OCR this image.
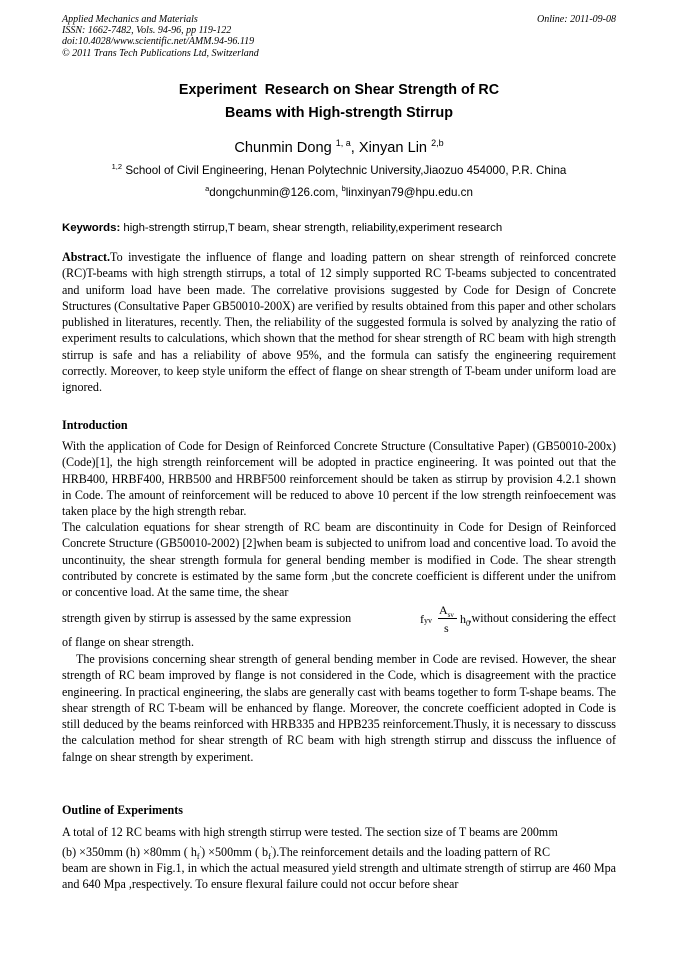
Applied Mechanics and Materials
ISSN: 1662-7482, Vols. 94-96, pp 119-122
doi:10.4028/www.scientific.net/AMM.94-96.119
© 2011 Trans Tech Publications Ltd, Switzerland
Online: 2011-09-08
Experiment  Research on Shear Strength of RC
Beams with High-strength Stirrup
Chunmin Dong $^{1, a}$, Xinyan Lin $^{2,b}$
$^{1,2}$ School of Civil Engineering, Henan Polytechnic University,Jiaozuo 454000, P.R. China
$^a$dongchunmin@126.com, $^b$linxinyan79@hpu.edu.cn
Keywords: high-strength stirrup,T beam, shear strength, reliability,experiment research
Abstract.To investigate the influence of flange and loading pattern on shear strength of reinforced concrete (RC)T-beams with high strength stirrups, a total of 12 simply supported RC T-beams subjected to concentrated and uniform load have been made. The correlative provisions suggested by Code for Design of Concrete Structures (Consultative Paper GB50010-200X) are verified by results obtained from this paper and other scholars published in literatures, recently. Then, the reliability of the suggested formula is solved by analyzing the ratio of experiment results to calculations, which shown that the method for shear strength of RC beam with high strength stirrup is safe and has a reliability of above 95%, and the formula can satisfy the engineering requirement correctly. Moreover, to keep style uniform the effect of flange on shear strength of T-beam under uniform load are ignored.
Introduction
With the application of Code for Design of Reinforced Concrete Structure (Consultative Paper) (GB50010-200x)(Code)[1], the high strength reinforcement will be adopted in practice engineering. It was pointed out that the HRB400, HRBF400, HRB500 and HRBF500 reinforcement should be taken as stirrup by provision 4.2.1 shown in Code. The amount of reinforcement will be reduced to above 10 percent if the low strength reinfoecement was taken place by the high strength rebar.
The calculation equations for shear strength of RC beam are discontinuity in Code for Design of Reinforced Concrete Structure (GB50010-2002) [2]when beam is subjected to unifrom load and concentive load. To avoid the uncontinuity, the shear strength formula for general bending member is modified in Code. The shear strength contributed by concrete is estimated by the same form ,but the concrete coefficient is different under the unifrom or concentive load. At the same time, the shear
strength given by stirrup is assessed by the same expression	fyv
$A_{sv}$
s
$h_0$
,without considering the effect
of flange on shear strength.
The provisions concerning shear strength of general bending member in Code are revised. However, the shear strength of RC beam improved by flange is not considered in the Code, which is disagreement with the practice engineering. In practical engineering, the slabs are generally cast with beams together to form T-shape beams. The shear strength of RC T-beam will be enhanced by flange. Moreover, the concrete coefficient adopted in Code is still deduced by the beams reinforced with HRB335 and HPB235 reinforcement.Thusly, it is necessary to disscuss the calculation method for shear strength of RC beam with high strength stirrup and disscuss the influence of falnge on shear strength by experiment.
Outline of Experiments
A total of 12 RC beams with high strength stirrup were tested. The section size of T beams are 200mm
(b) ×350mm (h) ×80mm ( $h_f') \times 500mm$ ( $b_f').The$ reinforcement details and the loading pattern of RC
beam are shown in Fig.1, in which the actual measured yield strength and ultimate strength of stirrup are 460 Mpa and 640 Mpa ,respectively. To ensure flexural failure could not occur before shear
